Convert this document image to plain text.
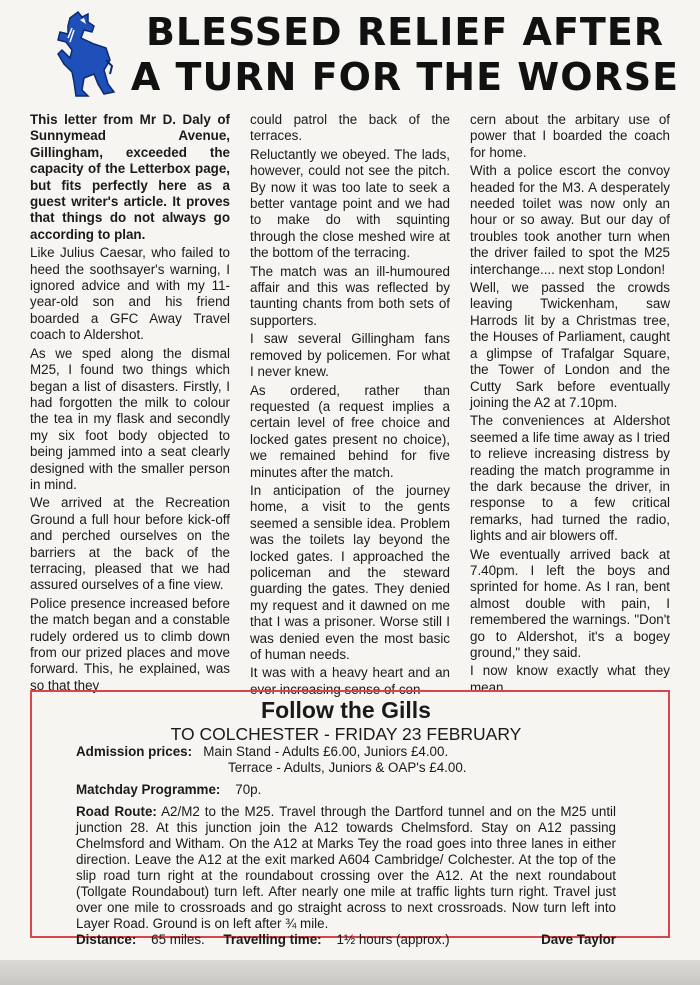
BLESSED RELIEF AFTER
A TURN FOR THE WORSE

This letter from Mr D. Daly of Sunnymead Avenue, Gillingham, exceeded the capacity of the Letterbox page, but fits perfectly here as a guest writer's article. It proves that things do not always go according to plan.

Like Julius Caesar, who failed to heed the soothsayer's warning, I ignored advice and with my 11-year-old son and his friend boarded a GFC Away Travel coach to Aldershot.

As we sped along the dismal M25, I found two things which began a list of disasters. Firstly, I had forgotten the milk to colour the tea in my flask and secondly my six foot body objected to being jammed into a seat clearly designed with the smaller person in mind.

We arrived at the Recreation Ground a full hour before kick-off and perched ourselves on the barriers at the back of the terracing, pleased that we had assured ourselves of a fine view.

Police presence increased before the match began and a constable rudely ordered us to climb down from our prized places and move forward. This, he explained, was so that they

could patrol the back of the terraces.

Reluctantly we obeyed. The lads, however, could not see the pitch. By now it was too late to seek a better vantage point and we had to make do with squinting through the close meshed wire at the bottom of the terracing.

The match was an ill-humoured affair and this was reflected by taunting chants from both sets of supporters.

I saw several Gillingham fans removed by policemen. For what I never knew.

As ordered, rather than requested (a request implies a certain level of free choice and locked gates present no choice), we remained behind for five minutes after the match.

In anticipation of the journey home, a visit to the gents seemed a sensible idea. Problem was the toilets lay beyond the locked gates. I approached the policeman and the steward guarding the gates. They denied my request and it dawned on me that I was a prisoner. Worse still I was denied even the most basic of human needs.

It was with a heavy heart and an ever increasing sense of con-

cern about the arbitary use of power that I boarded the coach for home.

With a police escort the convoy headed for the M3. A desperately needed toilet was now only an hour or so away. But our day of troubles took another turn when the driver failed to spot the M25 interchange.... next stop London!

Well, we passed the crowds leaving Twickenham, saw Harrods lit by a Christmas tree, the Houses of Parliament, caught a glimpse of Trafalgar Square, the Tower of London and the Cutty Sark before eventually joining the A2 at 7.10pm.

The conveniences at Aldershot seemed a life time away as I tried to relieve increasing distress by reading the match programme in the dark because the driver, in response to a few critical remarks, had turned the radio, lights and air blowers off.

We eventually arrived back at 7.40pm. I left the boys and sprinted for home. As I ran, bent almost double with pain, I remembered the warnings. "Don't go to Aldershot, it's a bogey ground," they said.

I now know exactly what they mean.

Follow the Gills
TO COLCHESTER - FRIDAY 23 FEBRUARY
Admission prices: Main Stand - Adults £6.00, Juniors £4.00.
Terrace - Adults, Juniors & OAP's £4.00.
Matchday Programme: 70p.
Road Route: A2/M2 to the M25. Travel through the Dartford tunnel and on the M25 until junction 28. At this junction join the A12 towards Chelmsford. Stay on A12 passing Chelmsford and Witham. On the A12 at Marks Tey the road goes into three lanes in either direction. Leave the A12 at the exit marked A604 Cambridge/ Colchester. At the top of the slip road turn right at the roundabout crossing over the A12. At the next roundabout (Tollgate Roundabout) turn left. After nearly one mile at traffic lights turn right. Travel just over one mile to crossroads and go straight across to next crossroads. Now turn left into Layer Road. Ground is on left after ¾ mile.
Distance: 65 miles. Travelling time: 1½ hours (approx.)	Dave Taylor
